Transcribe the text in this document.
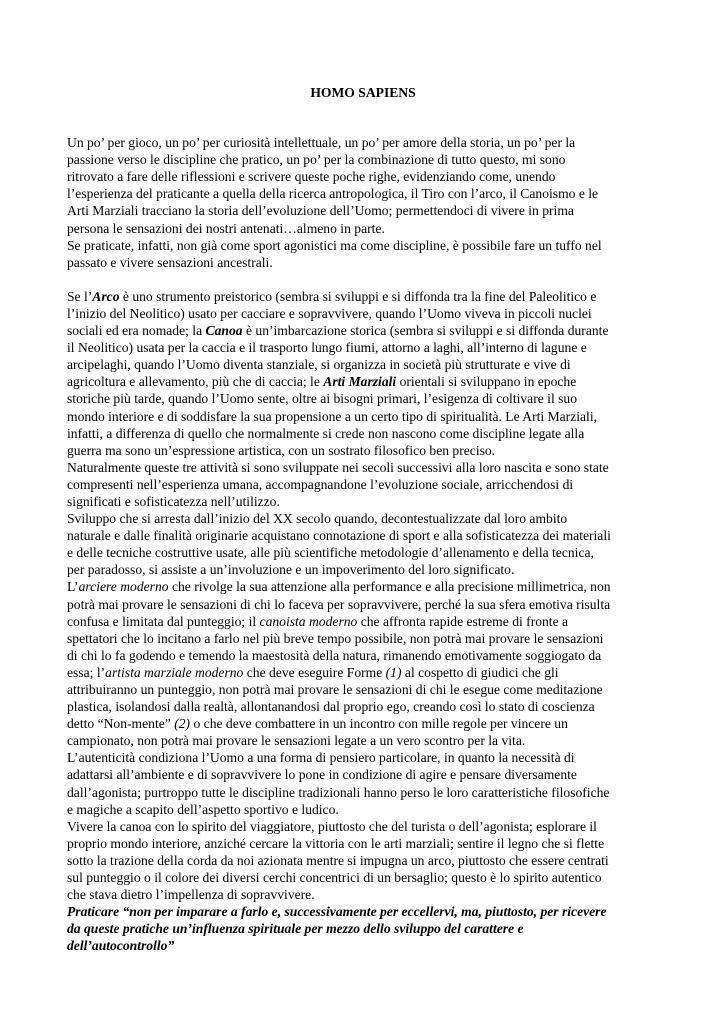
HOMO SAPIENS
Un po’ per gioco, un po’ per curiosità intellettuale, un po’ per amore della storia, un po’ per la
passione verso le discipline che pratico, un po’ per la combinazione di tutto questo, mi sono
ritrovato a fare delle riflessioni e scrivere queste poche righe, evidenziando come, unendo
l’esperienza del praticante a quella della ricerca antropologica, il Tiro con l’arco, il Canoismo e le
Arti Marziali tracciano la storia dell’evoluzione dell’Uomo; permettendoci di vivere in prima
persona le sensazioni dei nostri antenati…almeno in parte.
Se praticate, infatti, non già come sport agonistici ma come discipline, è possibile fare un tuffo nel
passato e vivere sensazioni ancestrali.
Se l’Arco è uno strumento preistorico (sembra si sviluppi e si diffonda tra la fine del Paleolitico e
l’inizio del Neolitico) usato per cacciare e sopravvivere, quando l’Uomo viveva in piccoli nuclei
sociali ed era nomade; la Canoa è un’imbarcazione storica (sembra si sviluppi e si diffonda durante
il Neolitico) usata per la caccia e il trasporto lungo fiumi, attorno a laghi, all’interno di lagune e
arcipelaghi, quando l’Uomo diventa stanziale, si organizza in società più strutturate e vive di
agricoltura e allevamento, più che di caccia; le Arti Marziali orientali si sviluppano in epoche
storiche più tarde, quando l’Uomo sente, oltre ai bisogni primari, l’esigenza di coltivare il suo
mondo interiore e di soddisfare la sua propensione a un certo tipo di spiritualità. Le Arti Marziali,
infatti, a differenza di quello che normalmente si crede non nascono come discipline legate alla
guerra ma sono un’espressione artistica, con un sostrato filosofico ben preciso.
Naturalmente queste tre attività si sono sviluppate nei secoli successivi alla loro nascita e sono state
compresenti nell’esperienza umana, accompagnandone l’evoluzione sociale, arricchendosi di
significati e sofisticatezza nell’utilizzo.
Sviluppo che si arresta dall’inizio del XX secolo quando, decontestualizzate dal loro ambito
naturale e dalle finalità originarie acquistano connotazione di sport e alla sofisticatezza dei materiali
e delle tecniche costruttive usate, alle più scientifiche metodologie d’allenamento e della tecnica,
per paradosso, si assiste a un’involuzione e un impoverimento del loro significato.
L’arciere moderno che rivolge la sua attenzione alla performance e alla precisione millimetrica, non
potrà mai provare le sensazioni di chi lo faceva per sopravvivere, perché la sua sfera emotiva risulta
confusa e limitata dal punteggio; il canoista moderno che affronta rapide estreme di fronte a
spettatori che lo incitano a farlo nel più breve tempo possibile, non potrà mai provare le sensazioni
di chi lo fa godendo e temendo la maestosità della natura, rimanendo emotivamente soggiogato da
essa; l’artista marziale moderno che deve eseguire Forme (1) al cospetto di giudici che gli
attribuiranno un punteggio, non potrà mai provare le sensazioni di chi le esegue come meditazione
plastica, isolandosi dalla realtà, allontanandosi dal proprio ego, creando così lo stato di coscienza
detto “Non-mente” (2) o che deve combattere in un incontro con mille regole per vincere un
campionato, non potrà mai provare le sensazioni legate a un vero scontro per la vita.
L’autenticità condiziona l’Uomo a una forma di pensiero particolare, in quanto la necessità di
adattarsi all’ambiente e di sopravvivere lo pone in condizione di agire e pensare diversamente
dall’agonista; purtroppo tutte le discipline tradizionali hanno perso le loro caratteristiche filosofiche
e magiche a scapito dell’aspetto sportivo e ludico.
Vivere la canoa con lo spirito del viaggiatore, piuttosto che del turista o dell’agonista; esplorare il
proprio mondo interiore, anziché cercare la vittoria con le arti marziali; sentire il legno che si flette
sotto la trazione della corda da noi azionata mentre si impugna un arco, piuttosto che essere centrati
sul punteggio o il colore dei diversi cerchi concentrici di un bersaglio; questo è lo spirito autentico
che stava dietro l’impellenza di sopravvivere.
Praticare “non per imparare a farlo e, successivamente per eccellervi, ma, piuttosto, per ricevere
da queste pratiche un’influenza spirituale per mezzo dello sviluppo del carattere e
dell’autocontrollo”
